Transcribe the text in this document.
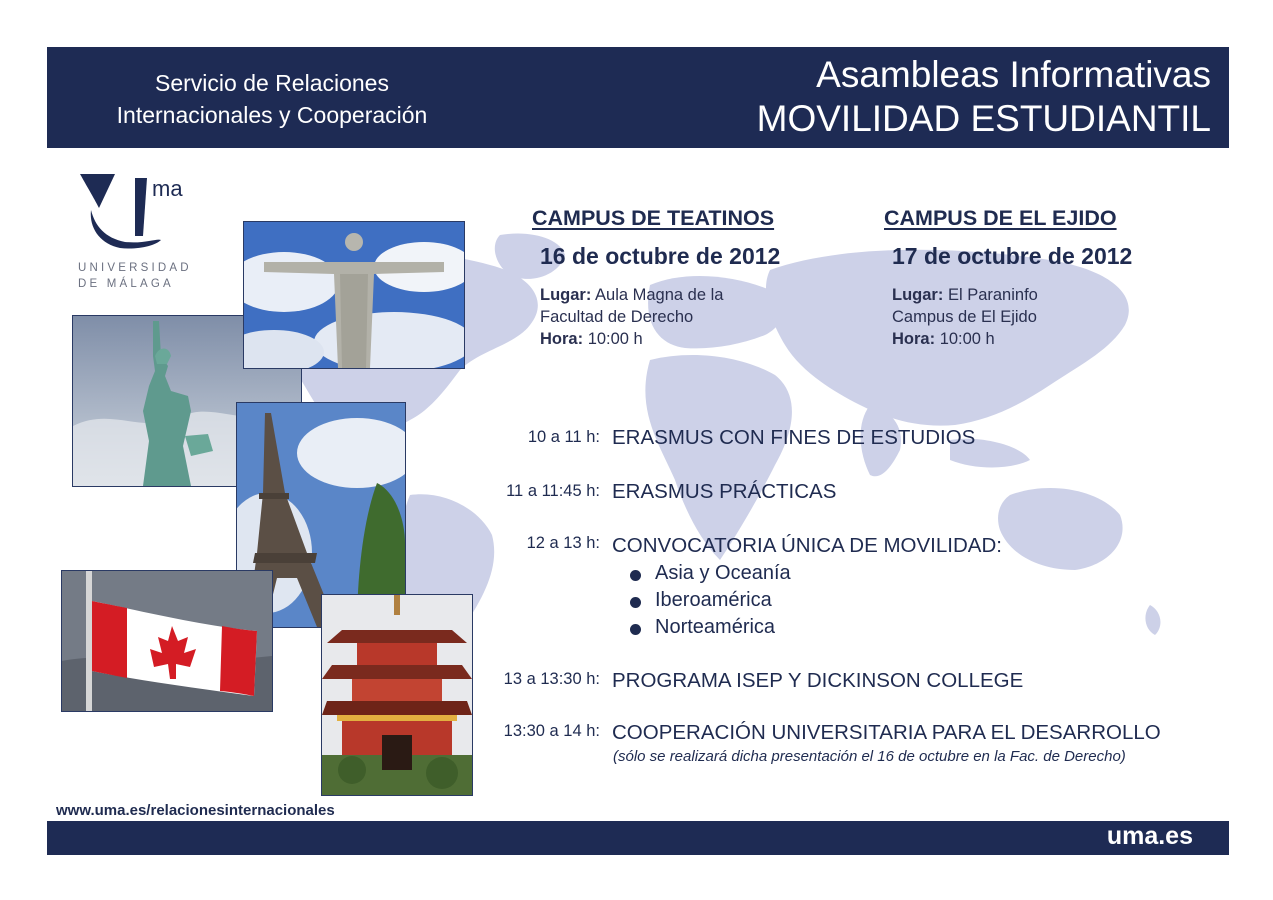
Servicio de Relaciones
Internacionales y Cooperación
Asambleas Informativas
MOVILIDAD ESTUDIANTIL
ma
UNIVERSIDAD
DE MÁLAGA
CAMPUS DE TEATINOS
16 de octubre de 2012
Lugar: Aula Magna de la
Facultad de Derecho
Hora: 10:00 h
CAMPUS DE EL EJIDO
17 de octubre de 2012
Lugar: El Paraninfo
Campus de El Ejido
Hora: 10:00 h
10 a 11 h: ERASMUS CON FINES DE ESTUDIOS
11 a 11:45 h: ERASMUS PRÁCTICAS
12 a 13 h: CONVOCATORIA ÚNICA DE MOVILIDAD:
Asia y Oceanía
Iberoamérica
Norteamérica
13 a 13:30 h: PROGRAMA ISEP Y DICKINSON COLLEGE
13:30 a 14 h: COOPERACIÓN UNIVERSITARIA PARA EL DESARROLLO
(sólo se realizará dicha presentación el 16 de octubre en la Fac. de Derecho)
www.uma.es/relacionesinternacionales
uma.es
